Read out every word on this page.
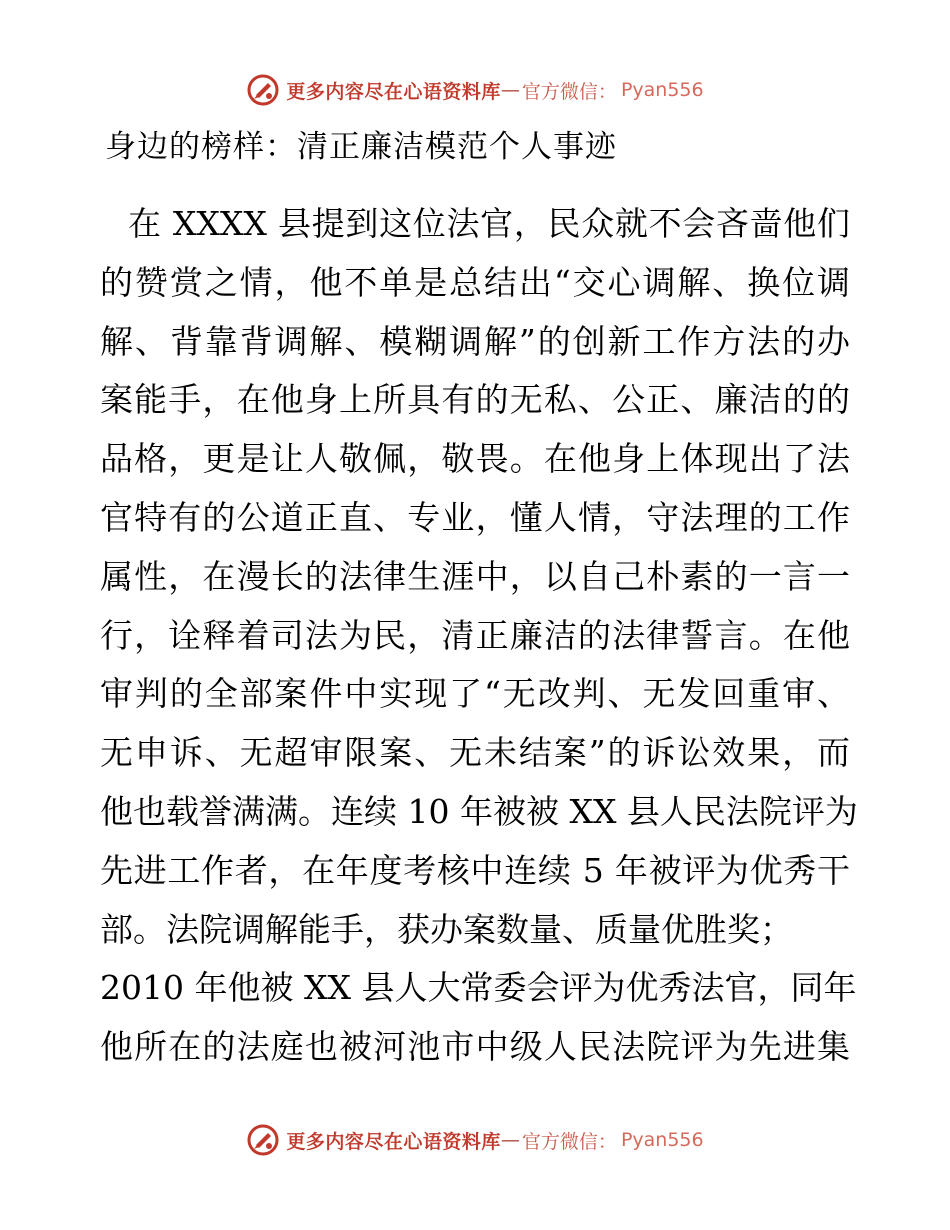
更多内容尽在心语资料库 — 官方微信： Pyan556
身边的榜样：清正廉洁模范个人事迹
在 XXXX 县提到这位法官，民众就不会吝啬他们
的赞赏之情，他不单是总结出“交心调解、换位调
解、背靠背调解、模糊调解”的创新工作方法的办
案能手，在他身上所具有的无私、公正、廉洁的的
品格，更是让人敬佩，敬畏。在他身上体现出了法
官特有的公道正直、专业，懂人情，守法理的工作
属性，在漫长的法律生涯中，以自己朴素的一言一
行，诠释着司法为民，清正廉洁的法律誓言。在他
审判的全部案件中实现了“无改判、无发回重审、
无申诉、无超审限案、无未结案”的诉讼效果，而
他也载誉满满。连续 10 年被被 XX 县人民法院评为
先进工作者，在年度考核中连续 5 年被评为优秀干
部。法院调解能手，获办案数量、质量优胜奖；
2010 年他被 XX 县人大常委会评为优秀法官，同年
他所在的法庭也被河池市中级人民法院评为先进集
更多内容尽在心语资料库 — 官方微信： Pyan556
